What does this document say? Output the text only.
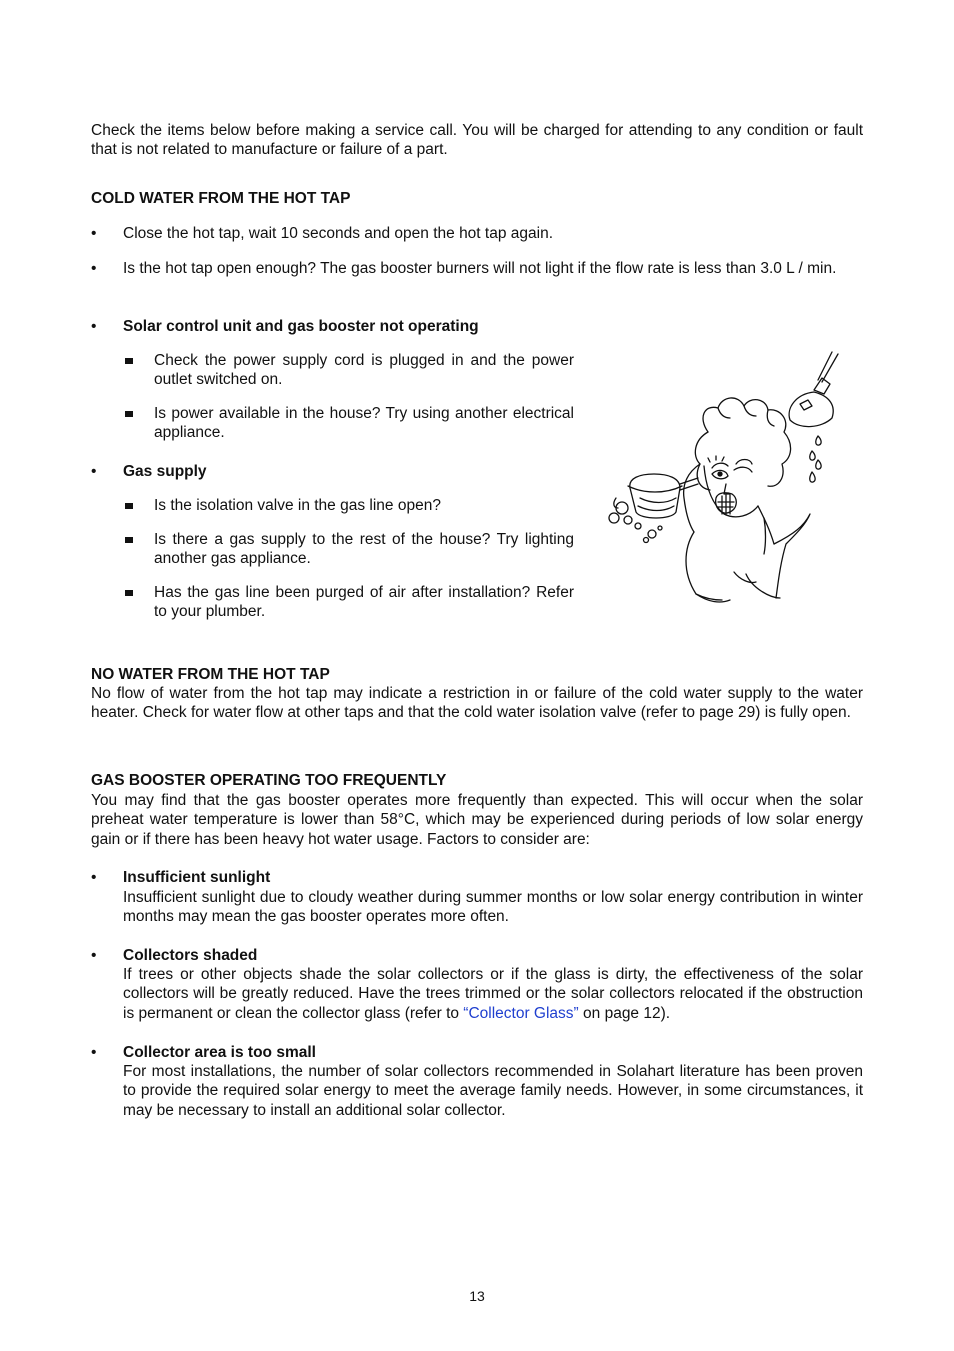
Check the items below before making a service call. You will be charged for attending to any condition or fault that is not related to manufacture or failure of a part.

COLD WATER FROM THE HOT TAP

•	Close the hot tap, wait 10 seconds and open the hot tap again.

•	Is the hot tap open enough? The gas booster burners will not light if the flow rate is less than 3.0 L / min.

•	Solar control unit and gas booster not operating

Check the power supply cord is plugged in and the power outlet switched on.

Is power available in the house? Try using another electrical appliance.

•	Gas supply

Is the isolation valve in the gas line open?

Is there a gas supply to the rest of the house? Try lighting another gas appliance.

Has the gas line been purged of air after installation? Refer to your plumber.

NO WATER FROM THE HOT TAP

No flow of water from the hot tap may indicate a restriction in or failure of the cold water supply to the water heater. Check for water flow at other taps and that the cold water isolation valve (refer to page 29) is fully open.

GAS BOOSTER OPERATING TOO FREQUENTLY

You may find that the gas booster operates more frequently than expected. This will occur when the solar preheat water temperature is lower than 58°C, which may be experienced during periods of low solar energy gain or if there has been heavy hot water usage. Factors to consider are:

•	Insufficient sunlight

Insufficient sunlight due to cloudy weather during summer months or low solar energy contribution in winter months may mean the gas booster operates more often.

•	Collectors shaded

If trees or other objects shade the solar collectors or if the glass is dirty, the effectiveness of the solar collectors will be greatly reduced. Have the trees trimmed or the solar collectors relocated if the obstruction is permanent or clean the collector glass (refer to “Collector Glass” on page 12).

•	Collector area is too small

For most installations, the number of solar collectors recommended in Solahart literature has been proven to provide the required solar energy to meet the average family needs. However, in some circumstances, it may be necessary to install an additional solar collector.

13
